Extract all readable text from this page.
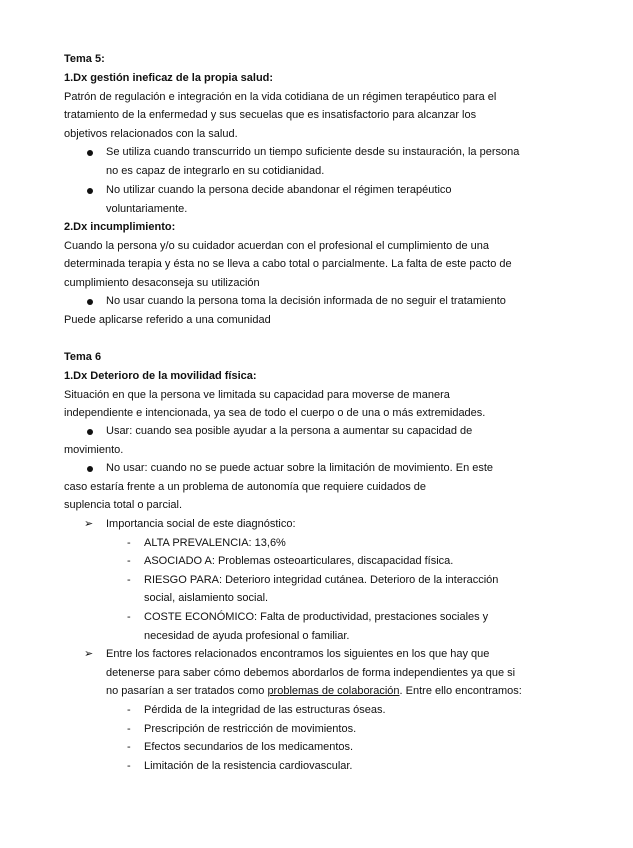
Tema 5:
1.Dx gestión ineficaz de la propia salud:
Patrón de regulación e integración en la vida cotidiana de un régimen terapéutico para el
tratamiento de la enfermedad y sus secuelas que es insatisfactorio para alcanzar los
objetivos relacionados con la salud.
Se utiliza cuando transcurrido un tiempo suficiente desde su instauración, la persona
no es capaz de integrarlo en su cotidianidad.
No utilizar cuando la persona decide abandonar el régimen terapéutico
voluntariamente.
2.Dx incumplimiento:
Cuando la persona y/o su cuidador acuerdan con el profesional el cumplimiento de una
determinada terapia y ésta no se lleva a cabo total o parcialmente. La falta de este pacto de
cumplimiento desaconseja su utilización
No usar cuando la persona toma la decisión informada de no seguir el tratamiento
Puede aplicarse referido a una comunidad
Tema 6
1.Dx Deterioro de la movilidad física:
Situación en que la persona ve limitada su capacidad para moverse de manera
independiente e intencionada, ya sea de todo el cuerpo o de una o más extremidades.
Usar: cuando sea posible ayudar a la persona a aumentar su capacidad de
movimiento.
No usar: cuando no se puede actuar sobre la limitación de movimiento. En este
caso estaría frente a un problema de autonomía que requiere cuidados de
suplencia total o parcial.
➢ Importancia social de este diagnóstico:
- ALTA PREVALENCIA: 13,6%
- ASOCIADO A: Problemas osteoarticulares, discapacidad física.
- RIESGO PARA: Deterioro integridad cutánea. Deterioro de la interacción
social, aislamiento social.
- COSTE ECONÓMICO: Falta de productividad, prestaciones sociales y
necesidad de ayuda profesional o familiar.
➢ Entre los factores relacionados encontramos los siguientes en los que hay que
detenerse para saber cómo debemos abordarlos de forma independientes ya que si
no pasarían a ser tratados como problemas de colaboración. Entre ello encontramos:
- Pérdida de la integridad de las estructuras óseas.
- Prescripción de restricción de movimientos.
- Efectos secundarios de los medicamentos.
- Limitación de la resistencia cardiovascular.
